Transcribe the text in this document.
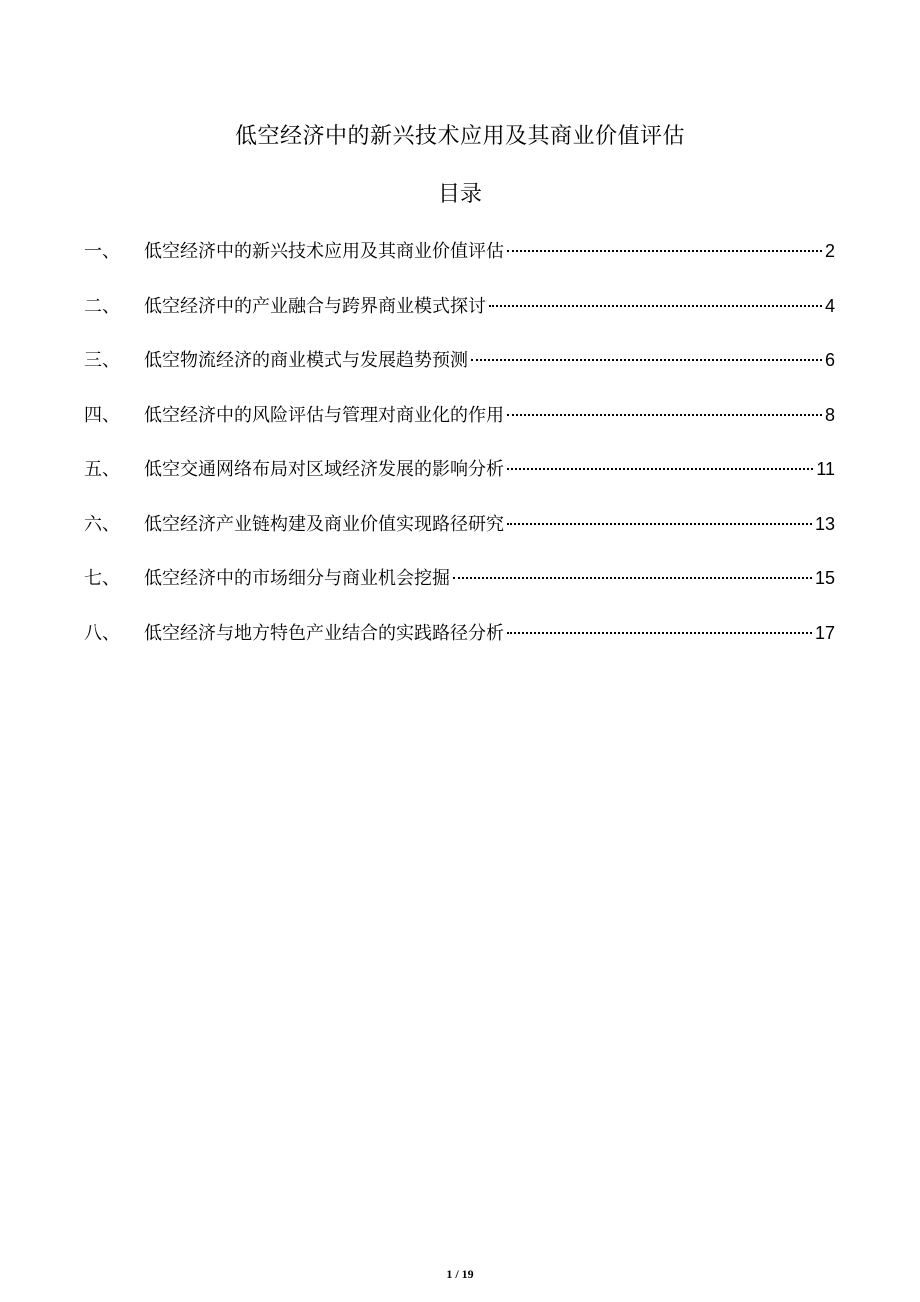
低空经济中的新兴技术应用及其商业价值评估
目录
一、	低空经济中的新兴技术应用及其商业价值评估	2
二、	低空经济中的产业融合与跨界商业模式探讨	4
三、	低空物流经济的商业模式与发展趋势预测	6
四、	低空经济中的风险评估与管理对商业化的作用	8
五、	低空交通网络布局对区域经济发展的影响分析	11
六、	低空经济产业链构建及商业价值实现路径研究	13
七、	低空经济中的市场细分与商业机会挖掘	15
八、	低空经济与地方特色产业结合的实践路径分析	17
1 / 19
